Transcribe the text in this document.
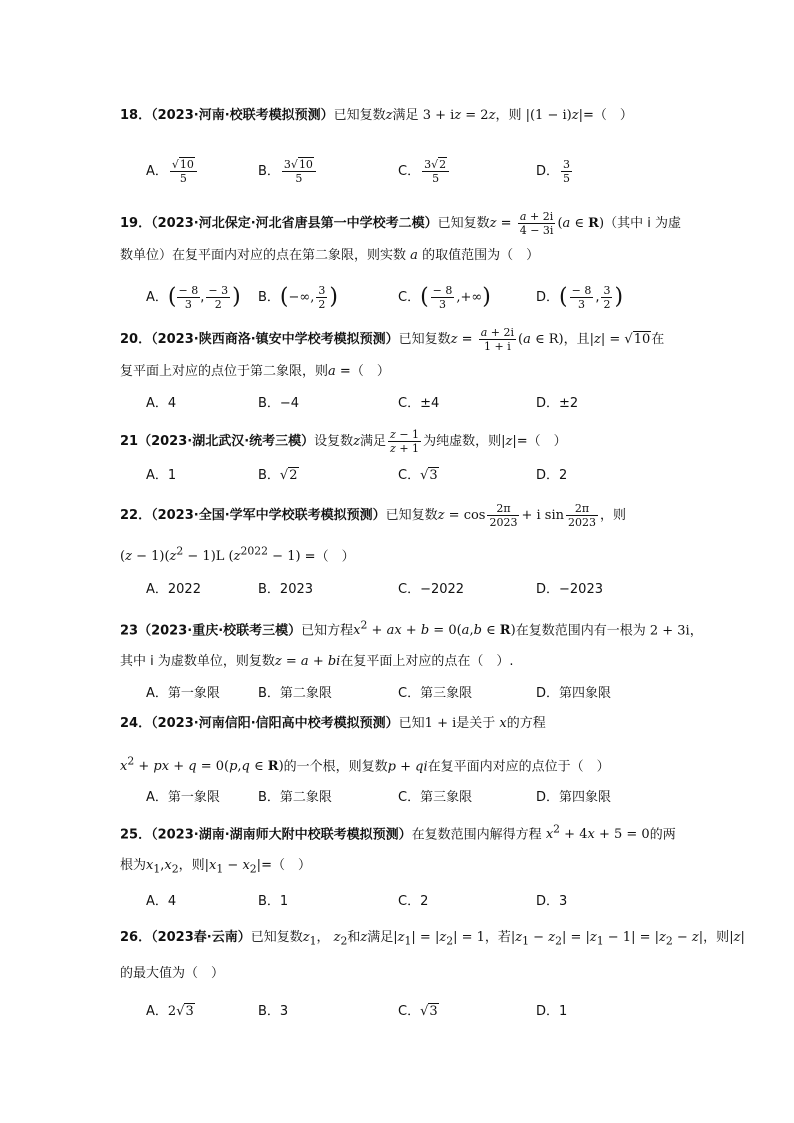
18．（2023·河南·校联考模拟预测）已知复数z满足 3 + iz = 2z，则 |(1 − i)z|=（　）
A． $\frac{√10}{5}$	B． $\frac{3√10}{5}$	C． $\frac{3√2}{5}$	D． $\frac{3}{5}$
19．（2023·河北保定·河北省唐县第一中学校考二模）已知复数$z = \frac{a + 2i}{4 - 3i} (a$ ∈ R)（其中 i 为虚
数单位）在复平面内对应的点在第二象限，则实数 a 的取值范围为（　）
A．( $\frac{- 8}{3}$ , $\frac{- 3}{2}$ ) B．(−∞, $\frac{3}{2}$ )	C．( $\frac{- 8}{3}$ ,+∞)	D．( $\frac{- 8}{3}$ , $\frac{3}{2}$ )
20．（2023·陕西商洛·镇安中学校考模拟预测）已知复数$z = \frac{a + 2i}{1 + i} (a$ ∈ R)，且|z| = √10在
复平面上对应的点位于第二象限，则a =（　）
A．4	B．−4	C．±4	D．±2
21（2023·湖北武汉·统考三模）设复数z满足 $\frac{z - 1}{z + 1}$ 为纯虚数，则|z|=（　）
A．1	B．√2	C．√3	D．2
22．（2023·全国·学军中学校联考模拟预测）已知复数$z = \cos \frac{2\pi}{2023} + i$ $\sin \frac{2\pi}{2023}$ ，则
$(z - 1)(z^2 - 1)L$ $(z^{2022} - 1)$ =（　）
A．2022	B．2023	C．−2022	D．−2023
23（2023·重庆·校联考三模）已知方程$x^2$ + ax + b = 0(a,b ∈ R)在复数范围内有一根为 2 + 3i，
其中 i 为虚数单位，则复数z = a + bi在复平面上对应的点在（　）.
A．第一象限	B．第二象限	C．第三象限	D．第四象限
24．（2023·河南信阳·信阳高中校考模拟预测）已知1 + i是关于 x的方程
$x^2$ + px + q = 0(p,q ∈ R)的一个根，则复数p + qi在复平面内对应的点位于（　）
A．第一象限	B．第二象限	C．第三象限	D．第四象限
25．（2023·湖南·湖南师大附中校联考模拟预测）在复数范围内解得方程 $x^2 + 4x + 5 = 0$的两
根为$x_1,x_2$，则$|x_1 - x_2|=$（　）
A．4	B．1	C．2	D．3
26．（2023春·云南）已知复数$z_1$， $z_2$和z满足$|z_1| = |z_2| = 1$，若$|z_1 - z_2| = |z_1 - 1| = |z_2 - z|$，则|z|
的最大值为（　）
A．2√3	B．3	C．√3	D．1
